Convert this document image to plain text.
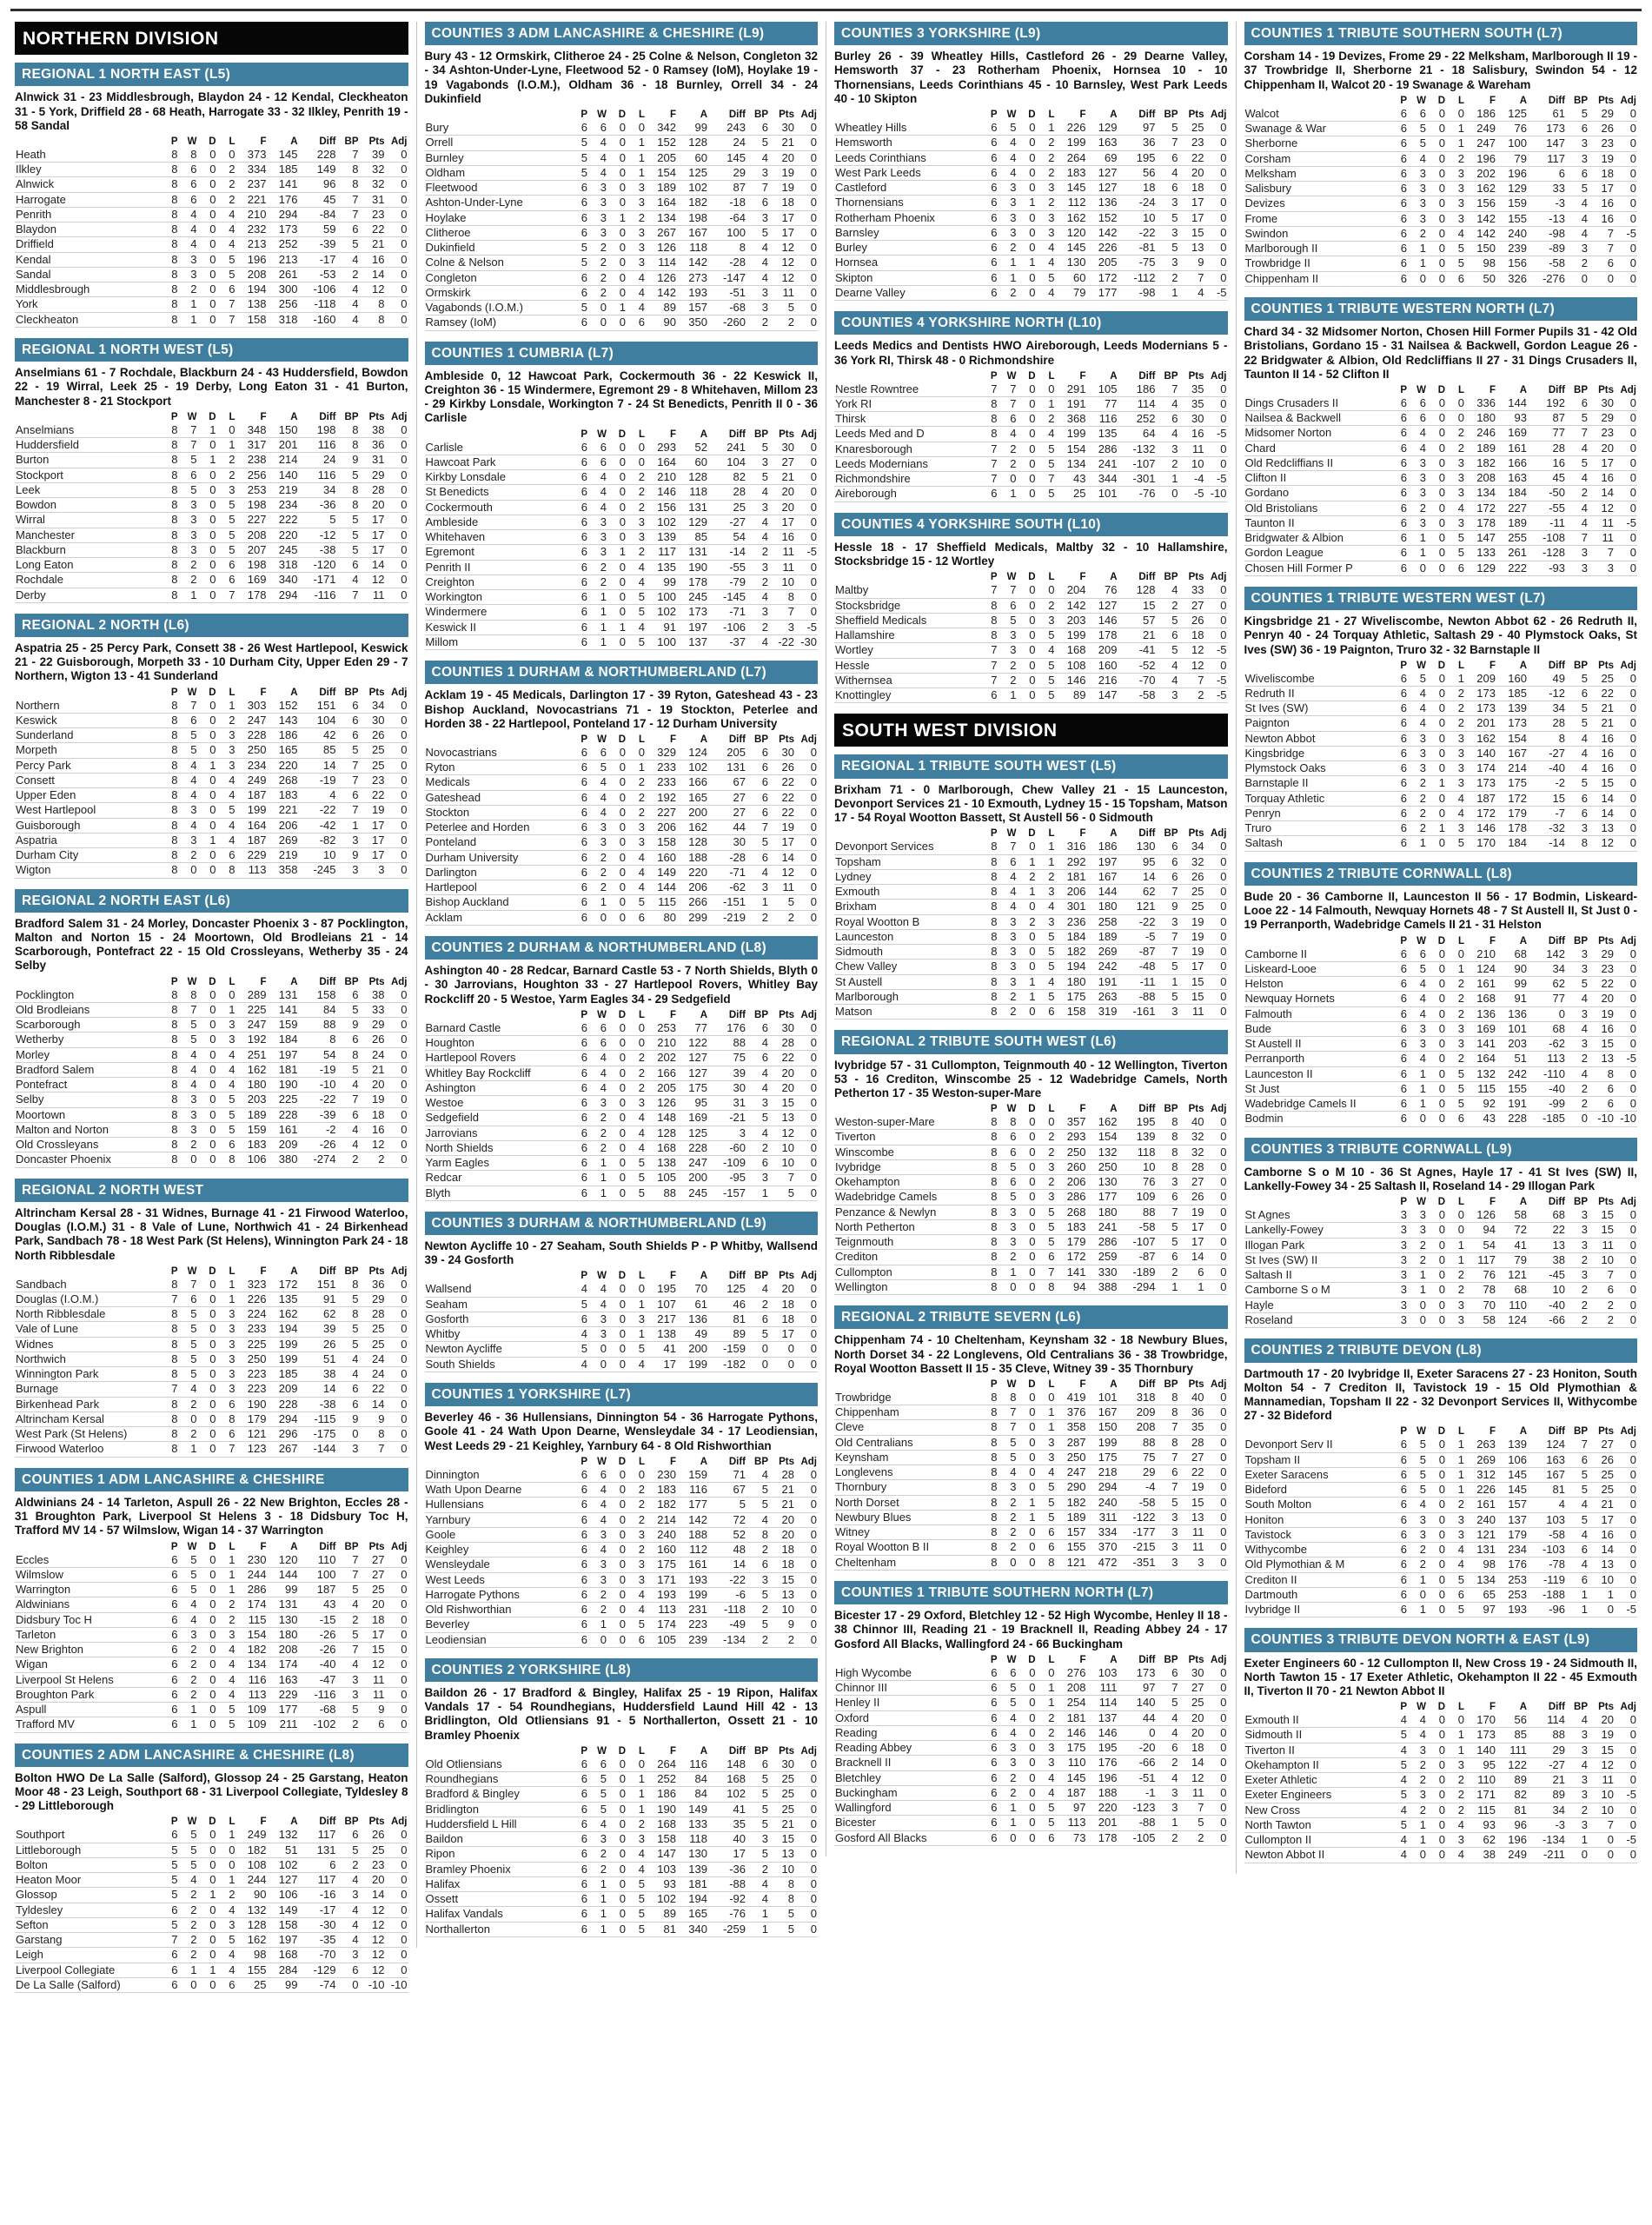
NORTHERN DIVISION
REGIONAL 1 NORTH EAST (L5)

Alnwick 31 - 23 Middlesbrough, Blaydon 24 - 12 Kendal, Cleckheaton 31 - 5 York, Driffield 28 - 68 Heath, Harrogate 33 - 32 Ilkley, Penrith 19 - 58 Sandal

	P	W	D	L	F	A	Diff	BP	Pts	Adj
Heath	8	8	0	0	373	145	228	7	39	0
Ilkley	8	6	0	2	334	185	149	8	32	0
Alnwick	8	6	0	2	237	141	96	8	32	0
Harrogate	8	6	0	2	221	176	45	7	31	0
Penrith	8	4	0	4	210	294	-84	7	23	0
Blaydon	8	4	0	4	232	173	59	6	22	0
Driffield	8	4	0	4	213	252	-39	5	21	0
Kendal	8	3	0	5	196	213	-17	4	16	0
Sandal	8	3	0	5	208	261	-53	2	14	0
Middlesbrough	8	2	0	6	194	300	-106	4	12	0
York	8	1	0	7	138	256	-118	4	8	0
Cleckheaton	8	1	0	7	158	318	-160	4	8	0
REGIONAL 1 NORTH WEST (L5)

Anselmians 61 - 7 Rochdale, Blackburn 24 - 43 Huddersfield, Bowdon 22 - 19 Wirral, Leek 25 - 19 Derby, Long Eaton 31 - 41 Burton, Manchester 8 - 21 Stockport

	P	W	D	L	F	A	Diff	BP	Pts	Adj
Anselmians	8	7	1	0	348	150	198	8	38	0
Huddersfield	8	7	0	1	317	201	116	8	36	0
Burton	8	5	1	2	238	214	24	9	31	0
Stockport	8	6	0	2	256	140	116	5	29	0
Leek	8	5	0	3	253	219	34	8	28	0
Bowdon	8	3	0	5	198	234	-36	8	20	0
Wirral	8	3	0	5	227	222	5	5	17	0
Manchester	8	3	0	5	208	220	-12	5	17	0
Blackburn	8	3	0	5	207	245	-38	5	17	0
Long Eaton	8	2	0	6	198	318	-120	6	14	0
Rochdale	8	2	0	6	169	340	-171	4	12	0
Derby	8	1	0	7	178	294	-116	7	11	0
REGIONAL 2 NORTH (L6)

Aspatria 25 - 25 Percy Park, Consett 38 - 26 West Hartlepool, Keswick 21 - 22 Guisborough, Morpeth 33 - 10 Durham City, Upper Eden 29 - 7 Northern, Wigton 13 - 41 Sunderland

	P	W	D	L	F	A	Diff	BP	Pts	Adj
Northern	8	7	0	1	303	152	151	6	34	0
Keswick	8	6	0	2	247	143	104	6	30	0
Sunderland	8	5	0	3	228	186	42	6	26	0
Morpeth	8	5	0	3	250	165	85	5	25	0
Percy Park	8	4	1	3	234	220	14	7	25	0
Consett	8	4	0	4	249	268	-19	7	23	0
Upper Eden	8	4	0	4	187	183	4	6	22	0
West Hartlepool	8	3	0	5	199	221	-22	7	19	0
Guisborough	8	4	0	4	164	206	-42	1	17	0
Aspatria	8	3	1	4	187	269	-82	3	17	0
Durham City	8	2	0	6	229	219	10	9	17	0
Wigton	8	0	0	8	113	358	-245	3	3	0
REGIONAL 2 NORTH EAST (L6)

Bradford Salem 31 - 24 Morley, Doncaster Phoenix 3 - 87 Pocklington, Malton and Norton 15 - 24 Moortown, Old Brodleians 21 - 14 Scarborough, Pontefract 22 - 15 Old Crossleyans, Wetherby 35 - 24 Selby

	P	W	D	L	F	A	Diff	BP	Pts	Adj
Pocklington	8	8	0	0	289	131	158	6	38	0
Old Brodleians	8	7	0	1	225	141	84	5	33	0
Scarborough	8	5	0	3	247	159	88	9	29	0
Wetherby	8	5	0	3	192	184	8	6	26	0
Morley	8	4	0	4	251	197	54	8	24	0
Bradford Salem	8	4	0	4	162	181	-19	5	21	0
Pontefract	8	4	0	4	180	190	-10	4	20	0
Selby	8	3	0	5	203	225	-22	7	19	0
Moortown	8	3	0	5	189	228	-39	6	18	0
Malton and Norton	8	3	0	5	159	161	-2	4	16	0
Old Crossleyans	8	2	0	6	183	209	-26	4	12	0
Doncaster Phoenix	8	0	0	8	106	380	-274	2	2	0
REGIONAL 2 NORTH WEST

Altrincham Kersal 28 - 31 Widnes, Burnage 41 - 21 Firwood Waterloo, Douglas (I.O.M.) 31 - 8 Vale of Lune, Northwich 41 - 24 Birkenhead Park, Sandbach 78 - 18 West Park (St Helens), Winnington Park 24 - 18 North Ribblesdale

	P	W	D	L	F	A	Diff	BP	Pts	Adj
Sandbach	8	7	0	1	323	172	151	8	36	0
Douglas (I.O.M.)	7	6	0	1	226	135	91	5	29	0
North Ribblesdale	8	5	0	3	224	162	62	8	28	0
Vale of Lune	8	5	0	3	233	194	39	5	25	0
Widnes	8	5	0	3	225	199	26	5	25	0
Northwich	8	5	0	3	250	199	51	4	24	0
Winnington Park	8	5	0	3	223	185	38	4	24	0
Burnage	7	4	0	3	223	209	14	6	22	0
Birkenhead Park	8	2	0	6	190	228	-38	6	14	0
Altrincham Kersal	8	0	0	8	179	294	-115	9	9	0
West Park (St Helens)	8	2	0	6	121	296	-175	0	8	0
Firwood Waterloo	8	1	0	7	123	267	-144	3	7	0
COUNTIES 1 ADM LANCASHIRE & CHESHIRE

Aldwinians 24 - 14 Tarleton, Aspull 26 - 22 New Brighton, Eccles 28 - 31 Broughton Park, Liverpool St Helens 3 - 18 Didsbury Toc H, Trafford MV 14 - 57 Wilmslow, Wigan 14 - 37 Warrington

	P	W	D	L	F	A	Diff	BP	Pts	Adj
Eccles	6	5	0	1	230	120	110	7	27	0
Wilmslow	6	5	0	1	244	144	100	7	27	0
Warrington	6	5	0	1	286	99	187	5	25	0
Aldwinians	6	4	0	2	174	131	43	4	20	0
Didsbury Toc H	6	4	0	2	115	130	-15	2	18	0
Tarleton	6	3	0	3	154	180	-26	5	17	0
New Brighton	6	2	0	4	182	208	-26	7	15	0
Wigan	6	2	0	4	134	174	-40	4	12	0
Liverpool St Helens	6	2	0	4	116	163	-47	3	11	0
Broughton Park	6	2	0	4	113	229	-116	3	11	0
Aspull	6	1	0	5	109	177	-68	5	9	0
Trafford MV	6	1	0	5	109	211	-102	2	6	0
COUNTIES 2 ADM LANCASHIRE & CHESHIRE (L8)

Bolton HWO De La Salle (Salford), Glossop 24 - 25 Garstang, Heaton Moor 48 - 23 Leigh, Southport 68 - 31 Liverpool Collegiate, Tyldesley 8 - 29 Littleborough

	P	W	D	L	F	A	Diff	BP	Pts	Adj
Southport	6	5	0	1	249	132	117	6	26	0
Littleborough	5	5	0	0	182	51	131	5	25	0
Bolton	5	5	0	0	108	102	6	2	23	0
Heaton Moor	5	4	0	1	244	127	117	4	20	0
Glossop	5	2	1	2	90	106	-16	3	14	0
Tyldesley	6	2	0	4	132	149	-17	4	12	0
Sefton	5	2	0	3	128	158	-30	4	12	0
Garstang	7	2	0	5	162	197	-35	4	12	0
Leigh	6	2	0	4	98	168	-70	3	12	0
Liverpool Collegiate	6	1	1	4	155	284	-129	6	12	0
De La Salle (Salford)	6	0	0	6	25	99	-74	0	-10	-10
COUNTIES 3 ADM LANCASHIRE & CHESHIRE (L9)

Bury 43 - 12 Ormskirk, Clitheroe 24 - 25 Colne & Nelson, Congleton 32 - 34 Ashton-Under-Lyne, Fleetwood 52 - 0 Ramsey (IoM), Hoylake 19 - 19 Vagabonds (I.O.M.), Oldham 36 - 18 Burnley, Orrell 34 - 24 Dukinfield

	P	W	D	L	F	A	Diff	BP	Pts	Adj
Bury	6	6	0	0	342	99	243	6	30	0
Orrell	5	4	0	1	152	128	24	5	21	0
Burnley	5	4	0	1	205	60	145	4	20	0
Oldham	5	4	0	1	154	125	29	3	19	0
Fleetwood	6	3	0	3	189	102	87	7	19	0
Ashton-Under-Lyne	6	3	0	3	164	182	-18	6	18	0
Hoylake	6	3	1	2	134	198	-64	3	17	0
Clitheroe	6	3	0	3	267	167	100	5	17	0
Dukinfield	5	2	0	3	126	118	8	4	12	0
Colne & Nelson	5	2	0	3	114	142	-28	4	12	0
Congleton	6	2	0	4	126	273	-147	4	12	0
Ormskirk	6	2	0	4	142	193	-51	3	11	0
Vagabonds (I.O.M.)	5	0	1	4	89	157	-68	3	5	0
Ramsey (IoM)	6	0	0	6	90	350	-260	2	2	0
COUNTIES 1 CUMBRIA (L7)

Ambleside 0, 12 Hawcoat Park, Cockermouth 36 - 22 Keswick II, Creighton 36 - 15 Windermere, Egremont 29 - 8 Whitehaven, Millom 23 - 29 Kirkby Lonsdale, Workington 7 - 24 St Benedicts, Penrith II 0 - 36 Carlisle

	P	W	D	L	F	A	Diff	BP	Pts	Adj
Carlisle	6	6	0	0	293	52	241	5	30	0
Hawcoat Park	6	6	0	0	164	60	104	3	27	0
Kirkby Lonsdale	6	4	0	2	210	128	82	5	21	0
St Benedicts	6	4	0	2	146	118	28	4	20	0
Cockermouth	6	4	0	2	156	131	25	3	20	0
Ambleside	6	3	0	3	102	129	-27	4	17	0
Whitehaven	6	3	0	3	139	85	54	4	16	0
Egremont	6	3	1	2	117	131	-14	2	11	-5
Penrith II	6	2	0	4	135	190	-55	3	11	0
Creighton	6	2	0	4	99	178	-79	2	10	0
Workington	6	1	0	5	100	245	-145	4	8	0
Windermere	6	1	0	5	102	173	-71	3	7	0
Keswick II	6	1	1	4	91	197	-106	2	3	-5
Millom	6	1	0	5	100	137	-37	4	-22	-30
COUNTIES 1 DURHAM & NORTHUMBERLAND (L7)

Acklam 19 - 45 Medicals, Darlington 17 - 39 Ryton, Gateshead 43 - 23 Bishop Auckland, Novocastrians 71 - 19 Stockton, Peterlee and Horden 38 - 22 Hartlepool, Ponteland 17 - 12 Durham University

	P	W	D	L	F	A	Diff	BP	Pts	Adj
Novocastrians	6	6	0	0	329	124	205	6	30	0
Ryton	6	5	0	1	233	102	131	6	26	0
Medicals	6	4	0	2	233	166	67	6	22	0
Gateshead	6	4	0	2	192	165	27	6	22	0
Stockton	6	4	0	2	227	200	27	6	22	0
Peterlee and Horden	6	3	0	3	206	162	44	7	19	0
Ponteland	6	3	0	3	158	128	30	5	17	0
Durham University	6	2	0	4	160	188	-28	6	14	0
Darlington	6	2	0	4	149	220	-71	4	12	0
Hartlepool	6	2	0	4	144	206	-62	3	11	0
Bishop Auckland	6	1	0	5	115	266	-151	1	5	0
Acklam	6	0	0	6	80	299	-219	2	2	0
COUNTIES 2 DURHAM & NORTHUMBERLAND (L8)

Ashington 40 - 28 Redcar, Barnard Castle 53 - 7 North Shields, Blyth 0 - 30 Jarrovians, Houghton 33 - 27 Hartlepool Rovers, Whitley Bay Rockcliff 20 - 5 Westoe, Yarm Eagles 34 - 29 Sedgefield

	P	W	D	L	F	A	Diff	BP	Pts	Adj
Barnard Castle	6	6	0	0	253	77	176	6	30	0
Houghton	6	6	0	0	210	122	88	4	28	0
Hartlepool Rovers	6	4	0	2	202	127	75	6	22	0
Whitley Bay Rockcliff	6	4	0	2	166	127	39	4	20	0
Ashington	6	4	0	2	205	175	30	4	20	0
Westoe	6	3	0	3	126	95	31	3	15	0
Sedgefield	6	2	0	4	148	169	-21	5	13	0
Jarrovians	6	2	0	4	128	125	3	4	12	0
North Shields	6	2	0	4	168	228	-60	2	10	0
Yarm Eagles	6	1	0	5	138	247	-109	6	10	0
Redcar	6	1	0	5	105	200	-95	3	7	0
Blyth	6	1	0	5	88	245	-157	1	5	0
COUNTIES 3 DURHAM & NORTHUMBERLAND (L9)

Newton Aycliffe 10 - 27 Seaham, South Shields P - P Whitby, Wallsend 39 - 24 Gosforth

	P	W	D	L	F	A	Diff	BP	Pts	Adj
Wallsend	4	4	0	0	195	70	125	4	20	0
Seaham	5	4	0	1	107	61	46	2	18	0
Gosforth	6	3	0	3	217	136	81	6	18	0
Whitby	4	3	0	1	138	49	89	5	17	0
Newton Aycliffe	5	0	0	5	41	200	-159	0	0	0
South Shields	4	0	0	4	17	199	-182	0	0	0
COUNTIES 1 YORKSHIRE (L7)

Beverley 46 - 36 Hullensians, Dinnington 54 - 36 Harrogate Pythons, Goole 41 - 24 Wath Upon Dearne, Wensleydale 34 - 17 Leodiensian, West Leeds 29 - 21 Keighley, Yarnbury 64 - 8 Old Rishworthian

	P	W	D	L	F	A	Diff	BP	Pts	Adj
Dinnington	6	6	0	0	230	159	71	4	28	0
Wath Upon Dearne	6	4	0	2	183	116	67	5	21	0
Hullensians	6	4	0	2	182	177	5	5	21	0
Yarnbury	6	4	0	2	214	142	72	4	20	0
Goole	6	3	0	3	240	188	52	8	20	0
Keighley	6	4	0	2	160	112	48	2	18	0
Wensleydale	6	3	0	3	175	161	14	6	18	0
West Leeds	6	3	0	3	171	193	-22	3	15	0
Harrogate Pythons	6	2	0	4	193	199	-6	5	13	0
Old Rishworthian	6	2	0	4	113	231	-118	2	10	0
Beverley	6	1	0	5	174	223	-49	5	9	0
Leodiensian	6	0	0	6	105	239	-134	2	2	0
COUNTIES 2 YORKSHIRE (L8)

Baildon 26 - 17 Bradford & Bingley, Halifax 25 - 19 Ripon, Halifax Vandals 17 - 54 Roundhegians, Huddersfield Laund Hill 42 - 13 Bridlington, Old Otliensians 91 - 5 Northallerton, Ossett 21 - 10 Bramley Phoenix

	P	W	D	L	F	A	Diff	BP	Pts	Adj
Old Otliensians	6	6	0	0	264	116	148	6	30	0
Roundhegians	6	5	0	1	252	84	168	5	25	0
Bradford & Bingley	6	5	0	1	186	84	102	5	25	0
Bridlington	6	5	0	1	190	149	41	5	25	0
Huddersfield L Hill	6	4	0	2	168	133	35	5	21	0
Baildon	6	3	0	3	158	118	40	3	15	0
Ripon	6	2	0	4	147	130	17	5	13	0
Bramley Phoenix	6	2	0	4	103	139	-36	2	10	0
Halifax	6	1	0	5	93	181	-88	4	8	0
Ossett	6	1	0	5	102	194	-92	4	8	0
Halifax Vandals	6	1	0	5	89	165	-76	1	5	0
Northallerton	6	1	0	5	81	340	-259	1	5	0
COUNTIES 3 YORKSHIRE (L9)

Burley 26 - 39 Wheatley Hills, Castleford 26 - 29 Dearne Valley, Hemsworth 37 - 23 Rotherham Phoenix, Hornsea 10 - 10 Thornensians, Leeds Corinthians 45 - 10 Barnsley, West Park Leeds 40 - 10 Skipton

	P	W	D	L	F	A	Diff	BP	Pts	Adj
Wheatley Hills	6	5	0	1	226	129	97	5	25	0
Hemsworth	6	4	0	2	199	163	36	7	23	0
Leeds Corinthians	6	4	0	2	264	69	195	6	22	0
West Park Leeds	6	4	0	2	183	127	56	4	20	0
Castleford	6	3	0	3	145	127	18	6	18	0
Thornensians	6	3	1	2	112	136	-24	3	17	0
Rotherham Phoenix	6	3	0	3	162	152	10	5	17	0
Barnsley	6	3	0	3	120	142	-22	3	15	0
Burley	6	2	0	4	145	226	-81	5	13	0
Hornsea	6	1	1	4	130	205	-75	3	9	0
Skipton	6	1	0	5	60	172	-112	2	7	0
Dearne Valley	6	2	0	4	79	177	-98	1	4	-5
COUNTIES 4 YORKSHIRE NORTH (L10)

Leeds Medics and Dentists HWO Aireborough, Leeds Modernians 5 - 36 York RI, Thirsk 48 - 0 Richmondshire

	P	W	D	L	F	A	Diff	BP	Pts	Adj
Nestle Rowntree	7	7	0	0	291	105	186	7	35	0
York RI	8	7	0	1	191	77	114	4	35	0
Thirsk	8	6	0	2	368	116	252	6	30	0
Leeds Med and D	8	4	0	4	199	135	64	4	16	-5
Knaresborough	7	2	0	5	154	286	-132	3	11	0
Leeds Modernians	7	2	0	5	134	241	-107	2	10	0
Richmondshire	7	0	0	7	43	344	-301	1	-4	-5
Aireborough	6	1	0	5	25	101	-76	0	-5	-10
COUNTIES 4 YORKSHIRE SOUTH (L10)

Hessle 18 - 17 Sheffield Medicals, Maltby 32 - 10 Hallamshire, Stocksbridge 15 - 12 Wortley

	P	W	D	L	F	A	Diff	BP	Pts	Adj
Maltby	7	7	0	0	204	76	128	4	33	0
Stocksbridge	8	6	0	2	142	127	15	2	27	0
Sheffield Medicals	8	5	0	3	203	146	57	5	26	0
Hallamshire	8	3	0	5	199	178	21	6	18	0
Wortley	7	3	0	4	168	209	-41	5	12	-5
Hessle	7	2	0	5	108	160	-52	4	12	0
Withernsea	7	2	0	5	146	216	-70	4	7	-5
Knottingley	6	1	0	5	89	147	-58	3	2	-5
SOUTH WEST DIVISION
REGIONAL 1 TRIBUTE SOUTH WEST (L5)

Brixham 71 - 0 Marlborough, Chew Valley 21 - 15 Launceston, Devonport Services 21 - 10 Exmouth, Lydney 15 - 15 Topsham, Matson 17 - 54 Royal Wootton Bassett, St Austell 56 - 0 Sidmouth

	P	W	D	L	F	A	Diff	BP	Pts	Adj
Devonport Services	8	7	0	1	316	186	130	6	34	0
Topsham	8	6	1	1	292	197	95	6	32	0
Lydney	8	4	2	2	181	167	14	6	26	0
Exmouth	8	4	1	3	206	144	62	7	25	0
Brixham	8	4	0	4	301	180	121	9	25	0
Royal Wootton B	8	3	2	3	236	258	-22	3	19	0
Launceston	8	3	0	5	184	189	-5	7	19	0
Sidmouth	8	3	0	5	182	269	-87	7	19	0
Chew Valley	8	3	0	5	194	242	-48	5	17	0
St Austell	8	3	1	4	180	191	-11	1	15	0
Marlborough	8	2	1	5	175	263	-88	5	15	0
Matson	8	2	0	6	158	319	-161	3	11	0
REGIONAL 2 TRIBUTE SOUTH WEST (L6)

Ivybridge 57 - 31 Cullompton, Teignmouth 40 - 12 Wellington, Tiverton 53 - 16 Crediton, Winscombe 25 - 12 Wadebridge Camels, North Petherton 17 - 35 Weston-super-Mare

	P	W	D	L	F	A	Diff	BP	Pts	Adj
Weston-super-Mare	8	8	0	0	357	162	195	8	40	0
Tiverton	8	6	0	2	293	154	139	8	32	0
Winscombe	8	6	0	2	250	132	118	8	32	0
Ivybridge	8	5	0	3	260	250	10	8	28	0
Okehampton	8	6	0	2	206	130	76	3	27	0
Wadebridge Camels	8	5	0	3	286	177	109	6	26	0
Penzance & Newlyn	8	3	0	5	268	180	88	7	19	0
North Petherton	8	3	0	5	183	241	-58	5	17	0
Teignmouth	8	3	0	5	179	286	-107	5	17	0
Crediton	8	2	0	6	172	259	-87	6	14	0
Cullompton	8	1	0	7	141	330	-189	2	6	0
Wellington	8	0	0	8	94	388	-294	1	1	0
REGIONAL 2 TRIBUTE SEVERN (L6)

Chippenham 74 - 10 Cheltenham, Keynsham 32 - 18 Newbury Blues, North Dorset 34 - 22 Longlevens, Old Centralians 36 - 38 Trowbridge, Royal Wootton Bassett II 15 - 35 Cleve, Witney 39 - 35 Thornbury

	P	W	D	L	F	A	Diff	BP	Pts	Adj
Trowbridge	8	8	0	0	419	101	318	8	40	0
Chippenham	8	7	0	1	376	167	209	8	36	0
Cleve	8	7	0	1	358	150	208	7	35	0
Old Centralians	8	5	0	3	287	199	88	8	28	0
Keynsham	8	5	0	3	250	175	75	7	27	0
Longlevens	8	4	0	4	247	218	29	6	22	0
Thornbury	8	3	0	5	290	294	-4	7	19	0
North Dorset	8	2	1	5	182	240	-58	5	15	0
Newbury Blues	8	2	1	5	189	311	-122	3	13	0
Witney	8	2	0	6	157	334	-177	3	11	0
Royal Wootton B II	8	2	0	6	155	370	-215	3	11	0
Cheltenham	8	0	0	8	121	472	-351	3	3	0
COUNTIES 1 TRIBUTE SOUTHERN NORTH (L7)

Bicester 17 - 29 Oxford, Bletchley 12 - 52 High Wycombe, Henley II 18 - 38 Chinnor III, Reading 21 - 19 Bracknell II, Reading Abbey 24 - 17 Gosford All Blacks, Wallingford 24 - 66 Buckingham

	P	W	D	L	F	A	Diff	BP	Pts	Adj
High Wycombe	6	6	0	0	276	103	173	6	30	0
Chinnor III	6	5	0	1	208	111	97	7	27	0
Henley II	6	5	0	1	254	114	140	5	25	0
Oxford	6	4	0	2	181	137	44	4	20	0
Reading	6	4	0	2	146	146	0	4	20	0
Reading Abbey	6	3	0	3	175	195	-20	6	18	0
Bracknell II	6	3	0	3	110	176	-66	2	14	0
Bletchley	6	2	0	4	145	196	-51	4	12	0
Buckingham	6	2	0	4	187	188	-1	3	11	0
Wallingford	6	1	0	5	97	220	-123	3	7	0
Bicester	6	1	0	5	113	201	-88	1	5	0
Gosford All Blacks	6	0	0	6	73	178	-105	2	2	0
COUNTIES 1 TRIBUTE SOUTHERN SOUTH (L7)

Corsham 14 - 19 Devizes, Frome 29 - 22 Melksham, Marlborough II 19 - 37 Trowbridge II, Sherborne 21 - 18 Salisbury, Swindon 54 - 12 Chippenham II, Walcot 20 - 19 Swanage & Wareham

	P	W	D	L	F	A	Diff	BP	Pts	Adj
Walcot	6	6	0	0	186	125	61	5	29	0
Swanage & War	6	5	0	1	249	76	173	6	26	0
Sherborne	6	5	0	1	247	100	147	3	23	0
Corsham	6	4	0	2	196	79	117	3	19	0
Melksham	6	3	0	3	202	196	6	6	18	0
Salisbury	6	3	0	3	162	129	33	5	17	0
Devizes	6	3	0	3	156	159	-3	4	16	0
Frome	6	3	0	3	142	155	-13	4	16	0
Swindon	6	2	0	4	142	240	-98	4	7	-5
Marlborough II	6	1	0	5	150	239	-89	3	7	0
Trowbridge II	6	1	0	5	98	156	-58	2	6	0
Chippenham II	6	0	0	6	50	326	-276	0	0	0
COUNTIES 1 TRIBUTE WESTERN NORTH (L7)

Chard 34 - 32 Midsomer Norton, Chosen Hill Former Pupils 31 - 42 Old Bristolians, Gordano 15 - 31 Nailsea & Backwell, Gordon League 26 - 22 Bridgwater & Albion, Old Redcliffians II 27 - 31 Dings Crusaders II, Taunton II 14 - 52 Clifton II

	P	W	D	L	F	A	Diff	BP	Pts	Adj
Dings Crusaders II	6	6	0	0	336	144	192	6	30	0
Nailsea & Backwell	6	6	0	0	180	93	87	5	29	0
Midsomer Norton	6	4	0	2	246	169	77	7	23	0
Chard	6	4	0	2	189	161	28	4	20	0
Old Redcliffians II	6	3	0	3	182	166	16	5	17	0
Clifton II	6	3	0	3	208	163	45	4	16	0
Gordano	6	3	0	3	134	184	-50	2	14	0
Old Bristolians	6	2	0	4	172	227	-55	4	12	0
Taunton II	6	3	0	3	178	189	-11	4	11	-5
Bridgwater & Albion	6	1	0	5	147	255	-108	7	11	0
Gordon League	6	1	0	5	133	261	-128	3	7	0
Chosen Hill Former P	6	0	0	6	129	222	-93	3	3	0
COUNTIES 1 TRIBUTE WESTERN WEST (L7)

Kingsbridge 21 - 27 Wiveliscombe, Newton Abbot 62 - 26 Redruth II, Penryn 40 - 24 Torquay Athletic, Saltash 29 - 40 Plymstock Oaks, St Ives (SW) 36 - 19 Paignton, Truro 32 - 32 Barnstaple II

	P	W	D	L	F	A	Diff	BP	Pts	Adj
Wiveliscombe	6	5	0	1	209	160	49	5	25	0
Redruth II	6	4	0	2	173	185	-12	6	22	0
St Ives (SW)	6	4	0	2	173	139	34	5	21	0
Paignton	6	4	0	2	201	173	28	5	21	0
Newton Abbot	6	3	0	3	162	154	8	4	16	0
Kingsbridge	6	3	0	3	140	167	-27	4	16	0
Plymstock Oaks	6	3	0	3	174	214	-40	4	16	0
Barnstaple II	6	2	1	3	173	175	-2	5	15	0
Torquay Athletic	6	2	0	4	187	172	15	6	14	0
Penryn	6	2	0	4	172	179	-7	6	14	0
Truro	6	2	1	3	146	178	-32	3	13	0
Saltash	6	1	0	5	170	184	-14	8	12	0
COUNTIES 2 TRIBUTE CORNWALL (L8)

Bude 20 - 36 Camborne II, Launceston II 56 - 17 Bodmin, Liskeard-Looe 22 - 14 Falmouth, Newquay Hornets 48 - 7 St Austell II, St Just 0 - 19 Perranporth, Wadebridge Camels II 21 - 31 Helston

	P	W	D	L	F	A	Diff	BP	Pts	Adj
Camborne II	6	6	0	0	210	68	142	3	29	0
Liskeard-Looe	6	5	0	1	124	90	34	3	23	0
Helston	6	4	0	2	161	99	62	5	22	0
Newquay Hornets	6	4	0	2	168	91	77	4	20	0
Falmouth	6	4	0	2	136	136	0	3	19	0
Bude	6	3	0	3	169	101	68	4	16	0
St Austell II	6	3	0	3	141	203	-62	3	15	0
Perranporth	6	4	0	2	164	51	113	2	13	-5
Launceston II	6	1	0	5	132	242	-110	4	8	0
St Just	6	1	0	5	115	155	-40	2	6	0
Wadebridge Camels II	6	1	0	5	92	191	-99	2	6	0
Bodmin	6	0	0	6	43	228	-185	0	-10	-10
COUNTIES 3 TRIBUTE CORNWALL (L9)

Camborne S o M 10 - 36 St Agnes, Hayle 17 - 41 St Ives (SW) II, Lankelly-Fowey 34 - 25 Saltash II, Roseland 14 - 29 Illogan Park

	P	W	D	L	F	A	Diff	BP	Pts	Adj
St Agnes	3	3	0	0	126	58	68	3	15	0
Lankelly-Fowey	3	3	0	0	94	72	22	3	15	0
Illogan Park	3	2	0	1	54	41	13	3	11	0
St Ives (SW) II	3	2	0	1	117	79	38	2	10	0
Saltash II	3	1	0	2	76	121	-45	3	7	0
Camborne S o M	3	1	0	2	78	68	10	2	6	0
Hayle	3	0	0	3	70	110	-40	2	2	0
Roseland	3	0	0	3	58	124	-66	2	2	0
COUNTIES 2 TRIBUTE DEVON (L8)

Dartmouth 17 - 20 Ivybridge II, Exeter Saracens 27 - 23 Honiton, South Molton 54 - 7 Crediton II, Tavistock 19 - 15 Old Plymothian & Mannamedian, Topsham II 22 - 32 Devonport Services II, Withycombe 27 - 32 Bideford

	P	W	D	L	F	A	Diff	BP	Pts	Adj
Devonport Serv II	6	5	0	1	263	139	124	7	27	0
Topsham II	6	5	0	1	269	106	163	6	26	0
Exeter Saracens	6	5	0	1	312	145	167	5	25	0
Bideford	6	5	0	1	226	145	81	5	25	0
South Molton	6	4	0	2	161	157	4	4	21	0
Honiton	6	3	0	3	240	137	103	5	17	0
Tavistock	6	3	0	3	121	179	-58	4	16	0
Withycombe	6	2	0	4	131	234	-103	6	14	0
Old Plymothian & M	6	2	0	4	98	176	-78	4	13	0
Crediton II	6	1	0	5	134	253	-119	6	10	0
Dartmouth	6	0	0	6	65	253	-188	1	1	0
Ivybridge II	6	1	0	5	97	193	-96	1	0	-5
COUNTIES 3 TRIBUTE DEVON NORTH & EAST (L9)

Exeter Engineers 60 - 12 Cullompton II, New Cross 19 - 24 Sidmouth II, North Tawton 15 - 17 Exeter Athletic, Okehampton II 22 - 45 Exmouth II, Tiverton II 70 - 21 Newton Abbot II

	P	W	D	L	F	A	Diff	BP	Pts	Adj
Exmouth II	4	4	0	0	170	56	114	4	20	0
Sidmouth II	5	4	0	1	173	85	88	3	19	0
Tiverton II	4	3	0	1	140	111	29	3	15	0
Okehampton II	5	2	0	3	95	122	-27	4	12	0
Exeter Athletic	4	2	0	2	110	89	21	3	11	0
Exeter Engineers	5	3	0	2	171	82	89	3	10	-5
New Cross	4	2	0	2	115	81	34	2	10	0
North Tawton	5	1	0	4	93	96	-3	3	7	0
Cullompton II	4	1	0	3	62	196	-134	1	0	-5
Newton Abbot II	4	0	0	4	38	249	-211	0	0	0
